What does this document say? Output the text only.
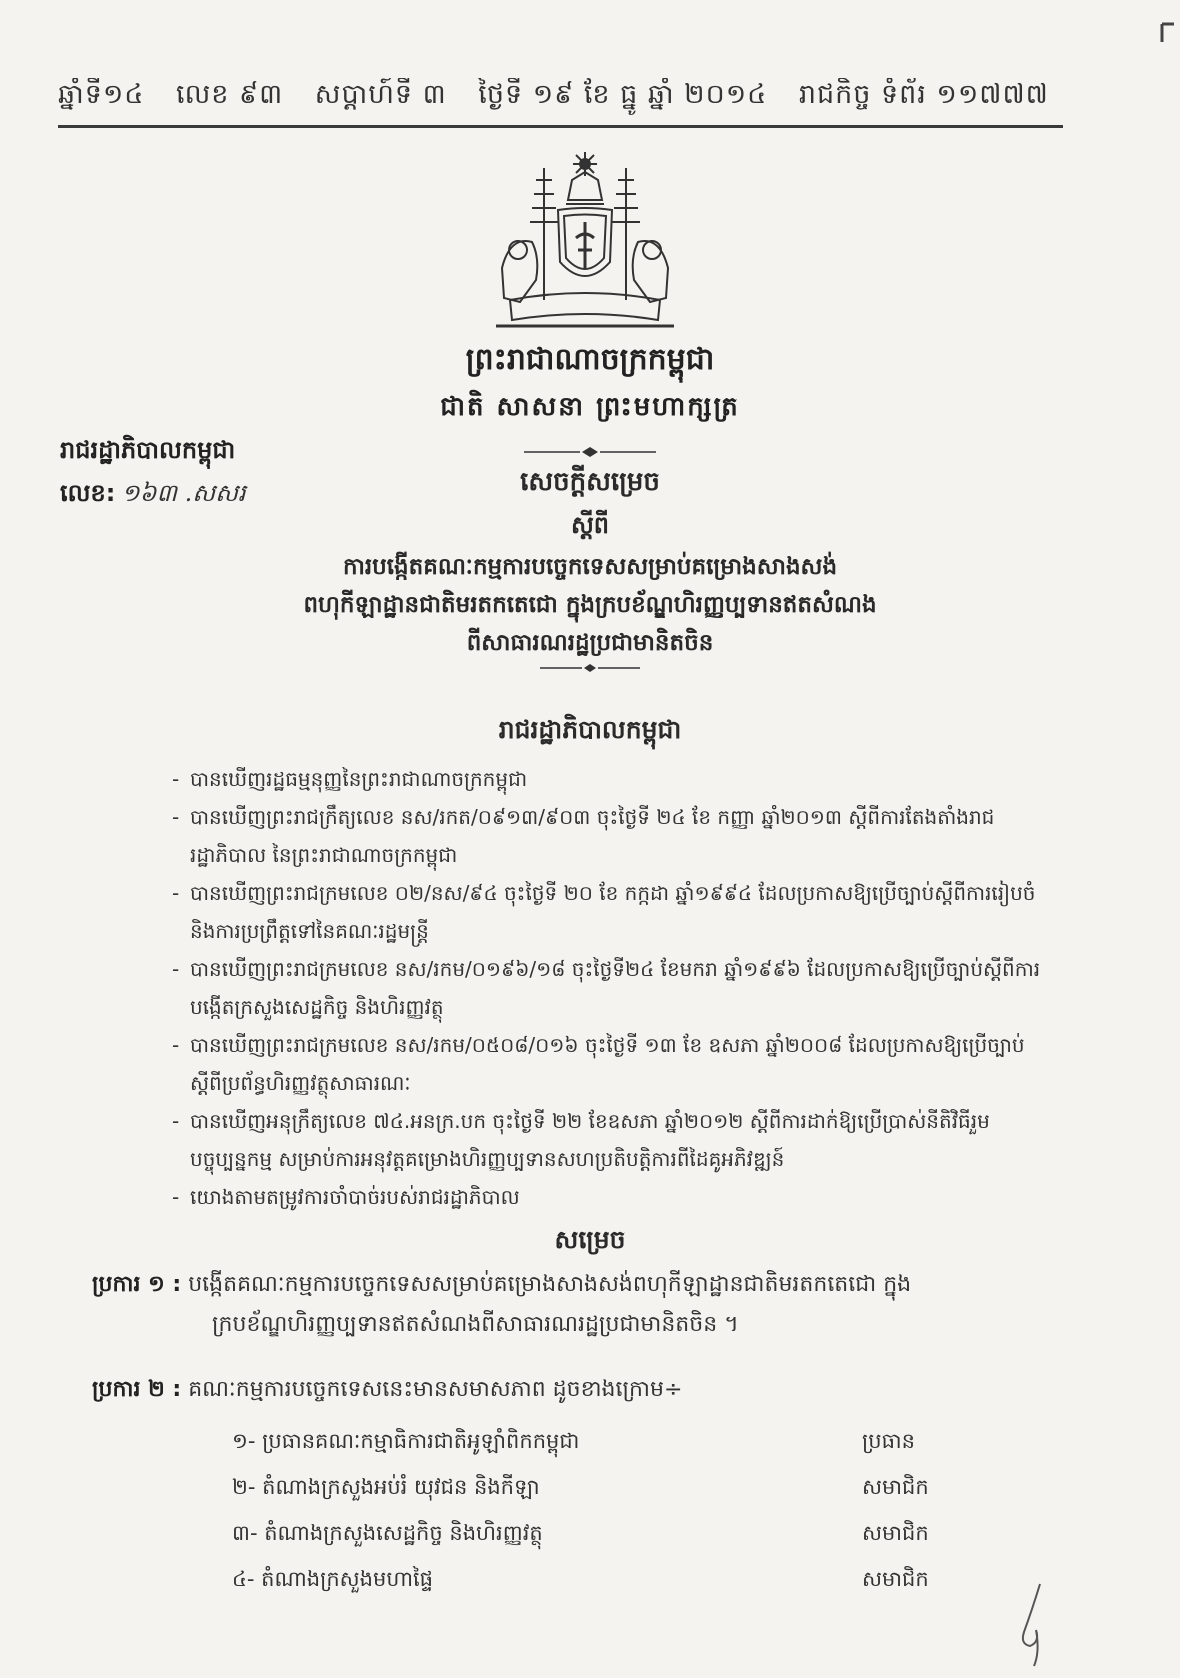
ឆ្នាំទី១៤ លេខ ៩៣ សប្តាហ៍ទី ៣ ថ្ងៃទី ១៩ ខែ ធ្នូ ឆ្នាំ ២០១៤ រាជកិច្ច ទំព័រ ១១៧៧៧
ព្រះរាជាណាចក្រកម្ពុជា
ជាតិ សាសនា ព្រះមហាក្សត្រ
រាជរដ្ឋាភិបាលកម្ពុជា
លេខ: ១៦៣ .សសរ	សេចក្តីសម្រេច
ស្តីពី
ការបង្កើតគណៈកម្មការបច្ចេកទេសសម្រាប់គម្រោងសាងសង់
ពហុកីឡាដ្ឋានជាតិមរតកតេជោ ក្នុងក្របខ័ណ្ឌហិរញ្ញប្បទានឥតសំណង
ពីសាធារណរដ្ឋប្រជាមានិតចិន
រាជរដ្ឋាភិបាលកម្ពុជា
- បានឃើញរដ្ឋធម្មនុញ្ញនៃព្រះរាជាណាចក្រកម្ពុជា
- បានឃើញព្រះរាជក្រឹត្យលេខ នស/រកត/០៩១៣/៩០៣ ចុះថ្ងៃទី ២៤ ខែ កញ្ញា ឆ្នាំ២០១៣ ស្តីពីការតែងតាំងរាជរដ្ឋាភិបាល នៃព្រះរាជាណាចក្រកម្ពុជា
- បានឃើញព្រះរាជក្រមលេខ ០២/នស/៩៤ ចុះថ្ងៃទី ២០ ខែ កក្កដា ឆ្នាំ១៩៩៤ ដែលប្រកាសឱ្យប្រើច្បាប់ស្តីពីការរៀបចំ និងការប្រព្រឹត្តទៅនៃគណៈរដ្ឋមន្ត្រី
- បានឃើញព្រះរាជក្រមលេខ នស/រកម/០១៩៦/១៨ ចុះថ្ងៃទី២៤ ខែមករា ឆ្នាំ១៩៩៦ ដែលប្រកាសឱ្យប្រើច្បាប់ស្តីពីការបង្កើតក្រសួងសេដ្ឋកិច្ច និងហិរញ្ញវត្ថុ
- បានឃើញព្រះរាជក្រមលេខ នស/រកម/០៥០៨/០១៦ ចុះថ្ងៃទី ១៣ ខែ ឧសភា ឆ្នាំ២០០៨ ដែលប្រកាសឱ្យប្រើច្បាប់ស្តីពីប្រព័ន្ធហិរញ្ញវត្ថុសាធារណៈ
- បានឃើញអនុក្រឹត្យលេខ ៧៤.អនក្រ.បក ចុះថ្ងៃទី ២២ ខែឧសភា ឆ្នាំ២០១២ ស្តីពីការដាក់ឱ្យប្រើប្រាស់នីតិវិធីរួមបច្ចុប្បន្នកម្ម សម្រាប់ការអនុវត្តគម្រោងហិរញ្ញប្បទានសហប្រតិបត្តិការពីដៃគូអភិវឌ្ឍន៍
- យោងតាមតម្រូវការចាំបាច់របស់រាជរដ្ឋាភិបាល
សម្រេច
ប្រការ ១ : បង្កើតគណៈកម្មការបច្ចេកទេសសម្រាប់គម្រោងសាងសង់ពហុកីឡាដ្ឋានជាតិមរតកតេជោ ក្នុង
ក្របខ័ណ្ឌហិរញ្ញប្បទានឥតសំណងពីសាធារណរដ្ឋប្រជាមានិតចិន ។
ប្រការ ២ : គណៈកម្មការបច្ចេកទេសនេះមានសមាសភាព ដូចខាងក្រោម÷
១- ប្រធានគណៈកម្មាធិការជាតិអូឡាំពិកកម្ពុជា	ប្រធាន
២- តំណាងក្រសួងអប់រំ យុវជន និងកីឡា	សមាជិក
៣- តំណាងក្រសួងសេដ្ឋកិច្ច និងហិរញ្ញវត្ថុ	សមាជិក
៤- តំណាងក្រសួងមហាផ្ទៃ	សមាជិក
